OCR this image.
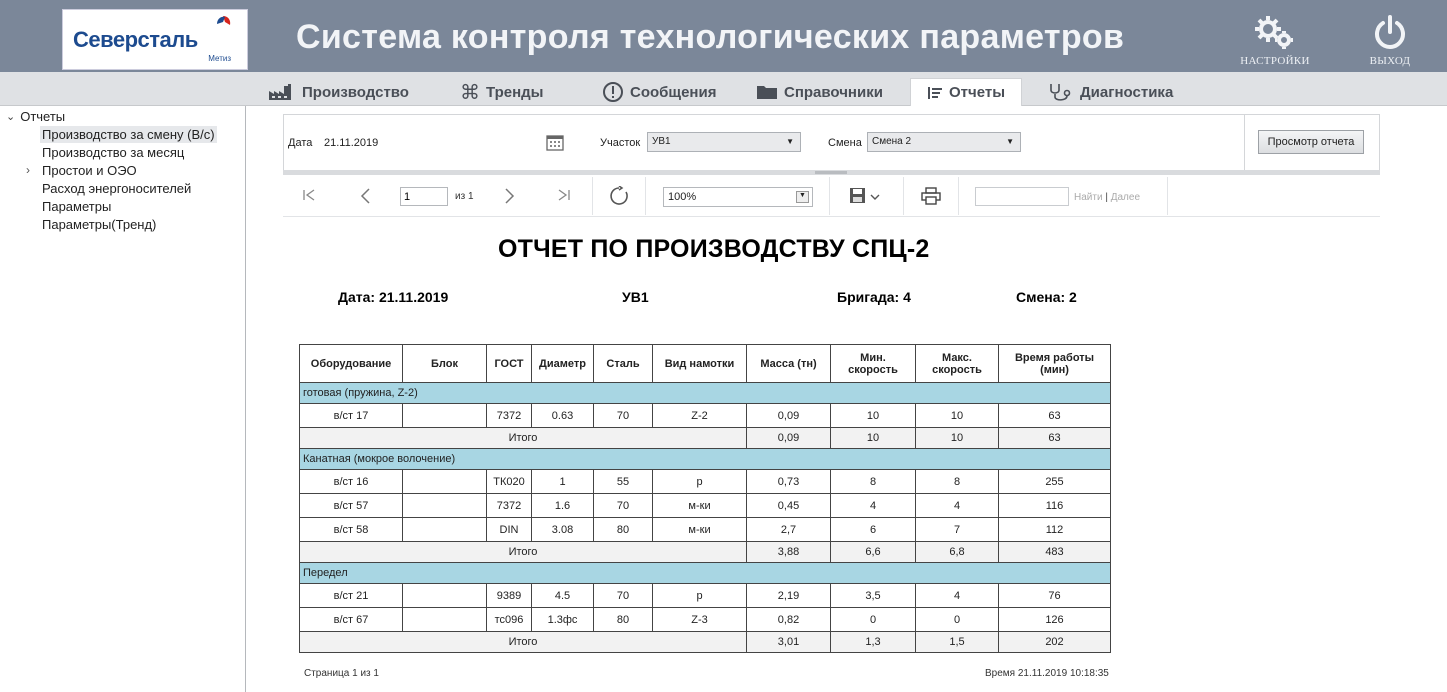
Северсталь
Метиз
Система контроля технологических параметров
НАСТРОЙКИ	ВЫХОД
Производство	⌘ Тренды	Сообщения	Справочники	Отчеты	Диагностика
⌄ Отчеты
Производство за смену (В/с)
Производство за месяц
› Простои и ОЭО
Расход энергоносителей
Параметры
Параметры(Тренд)
Дата 21.11.2019	Участок	УВ1	▼	Смена	Смена 2	▼	Просмотр отчета
1
из 1	100%	▼	Найти | Далее
ОТЧЕТ ПО ПРОИЗВОДСТВУ СПЦ-2
Дата: 21.11.2019	УВ1	Бригада: 4	Смена: 2
Оборудование	Блок	ГОСТ	Диаметр	Сталь	Вид намотки	Масса (тн)	Мин. скорость	Макс. скорость	Время работы (мин)
готовая (пружина, Z-2)									
в/ст 17		7372	0.63	70	Z-2	0,09	10	10	63
Итого						0,09	10	10	63
Канатная (мокрое волочение)									
в/ст 16		ТК020	1	55	р	0,73	8	8	255
в/ст 57		7372	1.6	70	м-ки	0,45	4	4	116
в/ст 58		DIN	3.08	80	м-ки	2,7	6	7	112
Итого						3,88	6,6	6,8	483
Передел									
в/ст 21		9389	4.5	70	р	2,19	3,5	4	76
в/ст 67		тс096	1.3фс	80	Z-3	0,82	0	0	126
Итого						3,01	1,3	1,5	202
Страница 1 из 1	Время 21.11.2019 10:18:35
